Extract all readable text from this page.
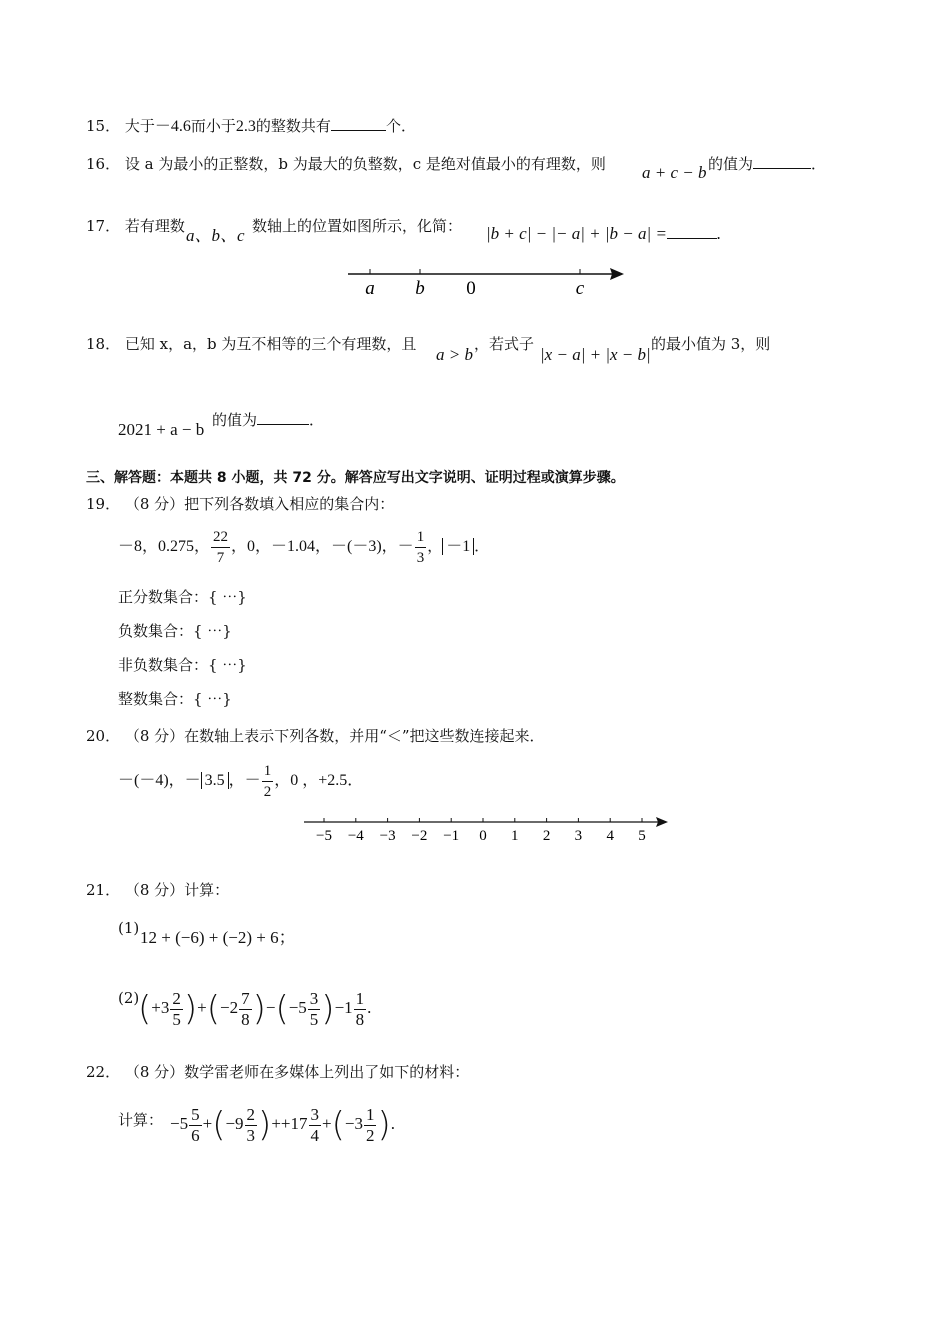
15． 大于－4.6而小于2.3的整数共有	个．
16． 设 a 为最小的正整数，b 为最大的负整数，c 是绝对值最小的有理数，则 a + c − b 的值为	．
17． 若有理数 a、b、c 数轴上的位置如图所示，化简： |b + c| − |− a| + |b − a| =	.
a b 0	c
18． 已知 x，a，b 为互不相等的三个有理数，且
a > b
，若式子
|x − a| + |x − b|
的最小值为 3，则
2021 + a − b 的值为	．
三、解答题：本题共 8 小题，共 72 分。解答应写出文字说明、证明过程或演算步骤。
19． （8 分）把下列各数填入相应的集合内：
－8，0.275， $\frac{22}{7}$ ，0，－1.04，－(－3)，－ $\frac{1}{3}$ ， －1 ．
正分数集合：{ ⋯}
负数集合：{ ⋯}
非负数集合：{ ⋯}
整数集合：{ ⋯}
20． （8 分）在数轴上表示下列各数，并用“＜”把这些数连接起来．
－(－4)，－ 3.5 ，－ $\frac{1}{2}$ ，0 ，+2.5．
−5 −4 −3 −2 −1 0 1 2 3 4 5
21． （8 分）计算：
(1) 12 + (−6) + (−2) + 6；
(2)
$(+3 \frac{2}{5} )+(-2 \frac{7}{8} )-(-5 \frac{3}{5} )-1 \frac{1}{8}$ .
22． （8 分）数学雷老师在多媒体上列出了如下的材料：
计算： $-5 \frac{5}{6} +(-9 \frac{2}{3} )++17 \frac{3}{4} +(-3 \frac{1}{2}$ ).
